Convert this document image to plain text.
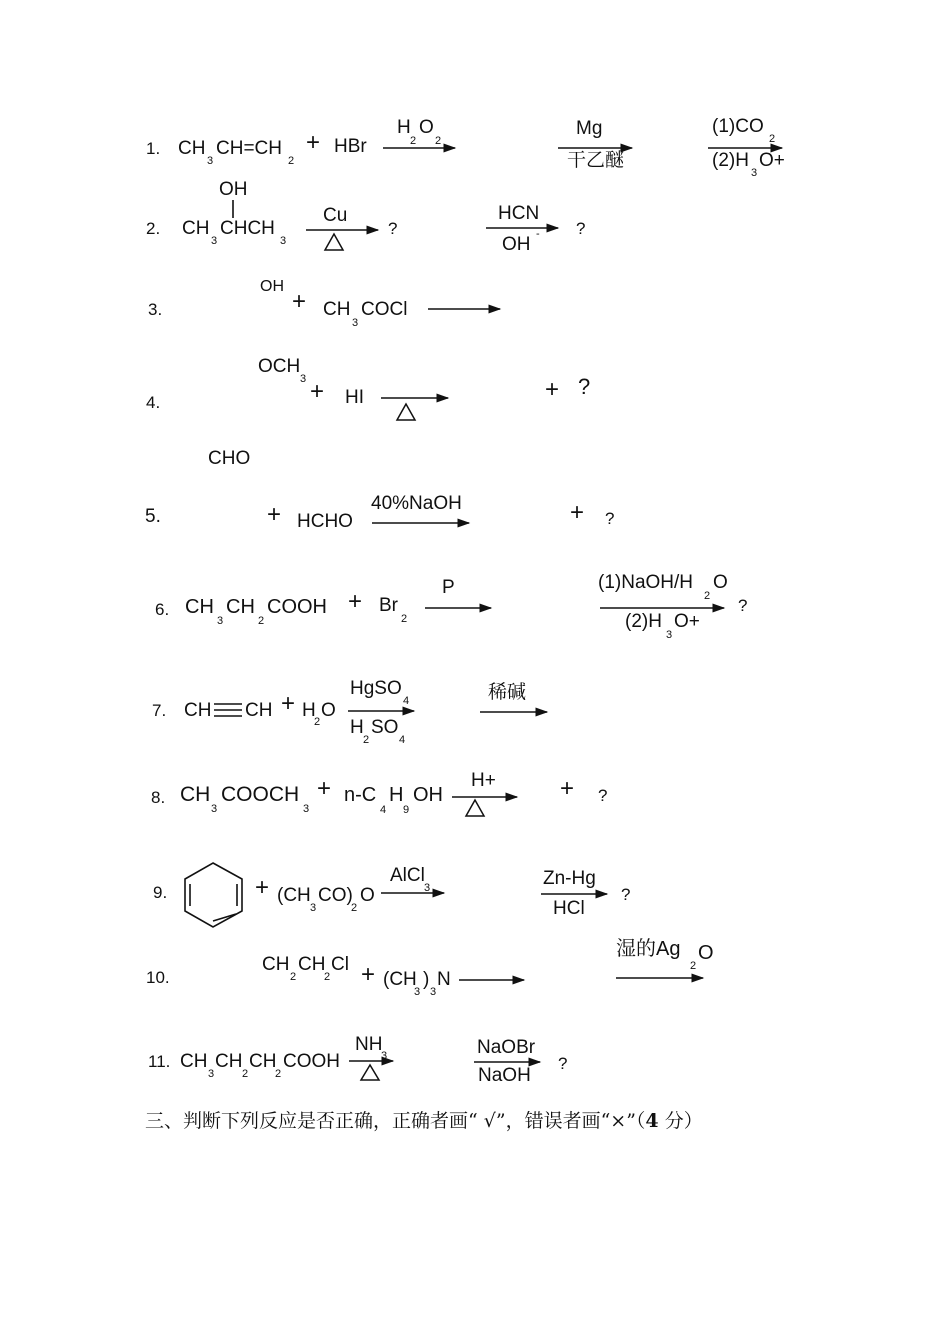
1. CH
3
CH=CH
2
+ HBr
H
2
O
2
Mg
干乙醚
(1)CO
2
(2)H
3
O+
OH
2. CH
3
CHCH
3
Cu
?
HCN
OH - ?
3.
OH
+ CH
3
COCl
OCH
3
4.	+ HI	+ ?
CHO
5.	+ HCHO
40%NaOH	+ ?
6. CH
3
CH
2
COOH + Br
2
P	(1)NaOH/H
2
O
(2)H
3
O+
?
7. CH CH + H
2
O
HgSO
4
H
2
SO
4
稀碱
8. CH
3
COOCH
3
+ n-C
4
H
9
OH
H+	+ ?
9.	+ (CH
3
CO)
2
O
AlCl
3	Zn-Hg
HCl
?
10.
CH
2
CH
2
Cl + (CH
3
)
3
N
湿的Ag
2
O
11. CH
3
CH
2
CH
2
COOH
NH
3	NaOBr
NaOH
?
三、判断下列反应是否正确，正确者画“ √”，错误者画“×”（4 分）
